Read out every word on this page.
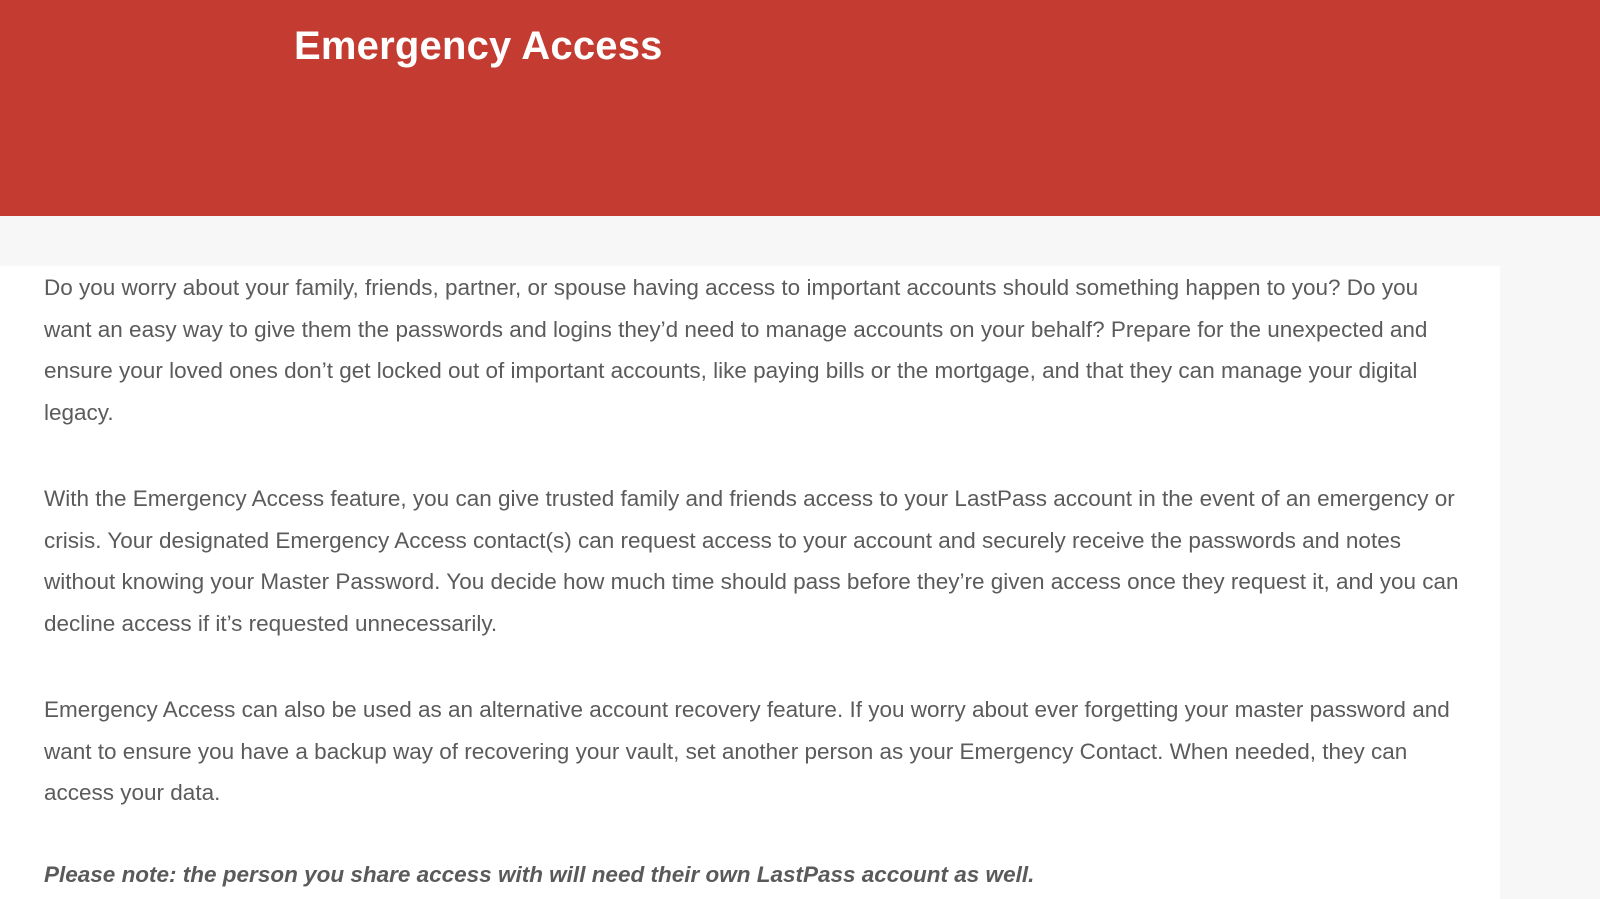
Emergency Access

Do you worry about your family, friends, partner, or spouse having access to important accounts should something happen to you? Do you want an easy way to give them the passwords and logins they’d need to manage accounts on your behalf? Prepare for the unexpected and ensure your loved ones don’t get locked out of important accounts, like paying bills or the mortgage, and that they can manage your digital legacy.

With the Emergency Access feature, you can give trusted family and friends access to your LastPass account in the event of an emergency or crisis. Your designated Emergency Access contact(s) can request access to your account and securely receive the passwords and notes without knowing your Master Password. You decide how much time should pass before they’re given access once they request it, and you can decline access if it’s requested unnecessarily.

Emergency Access can also be used as an alternative account recovery feature. If you worry about ever forgetting your master password and want to ensure you have a backup way of recovering your vault, set another person as your Emergency Contact. When needed, they can access your data.

Please note: the person you share access with will need their own LastPass account as well.
